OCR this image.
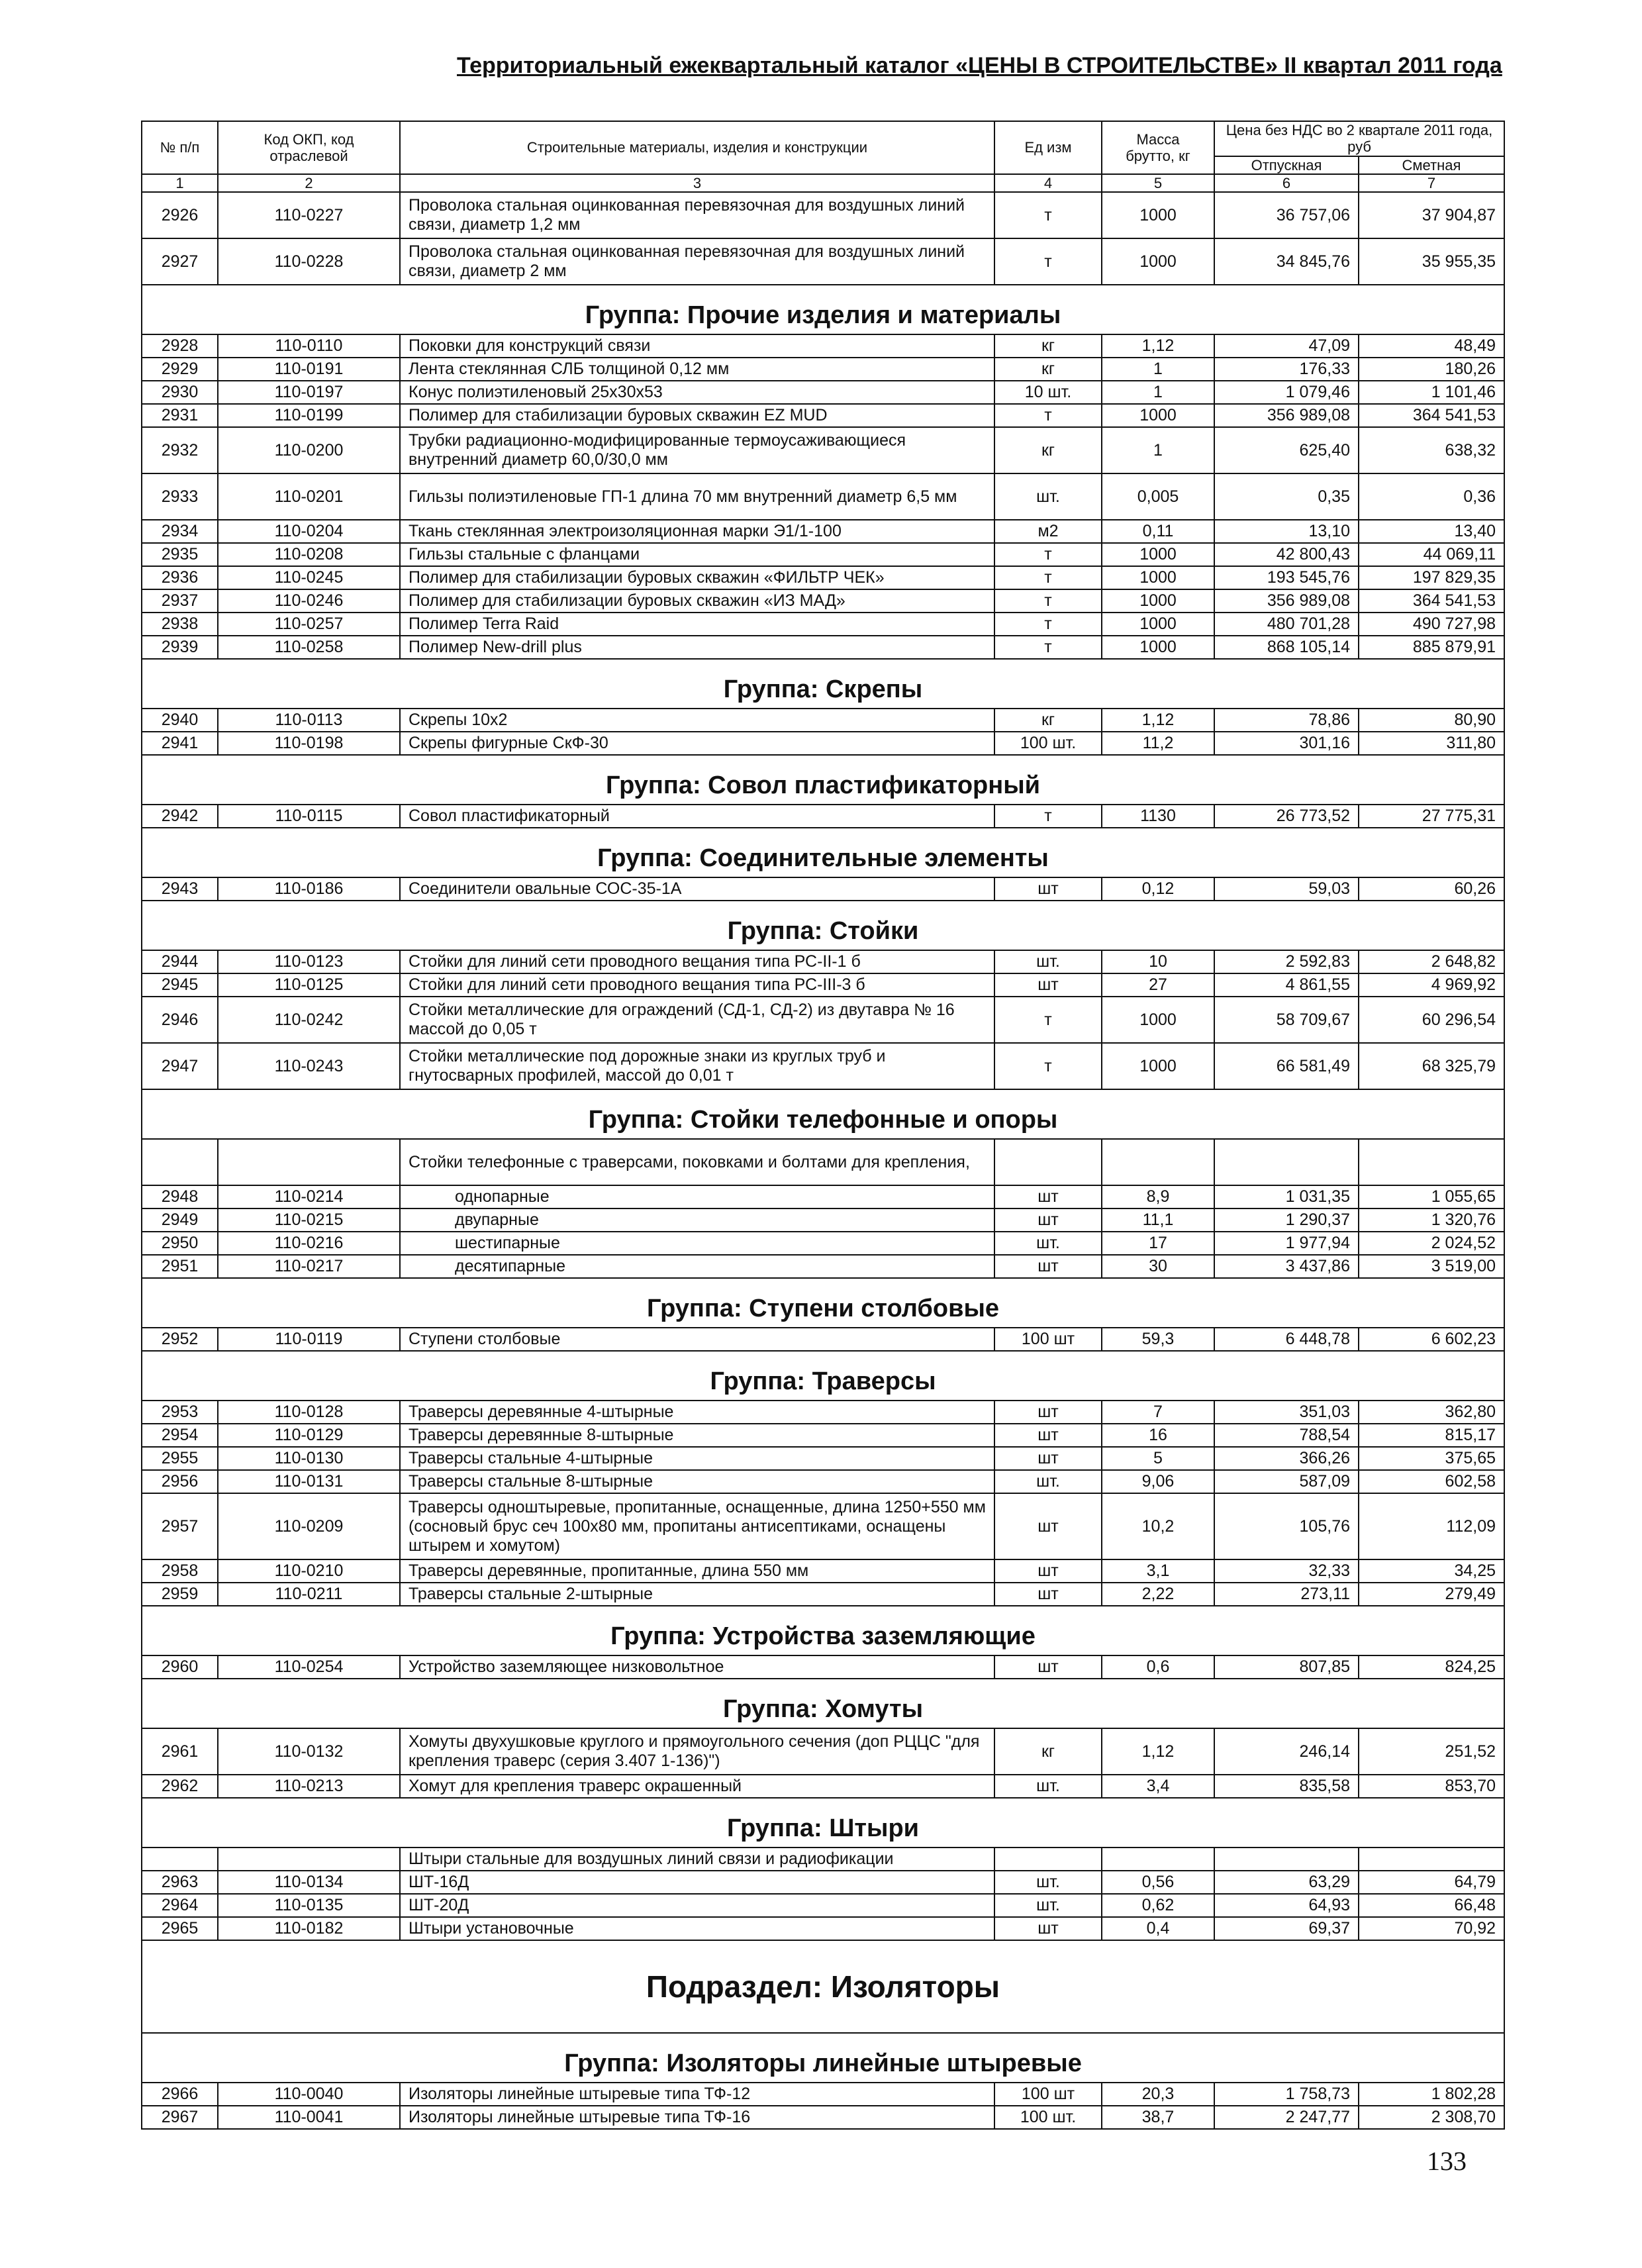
Территориальный ежеквартальный каталог «ЦЕНЫ В СТРОИТЕЛЬСТВЕ» II квартал 2011 года
№ п/п	Код ОКП, код отраслевой	Строительные материалы, изделия и конструкции	Ед изм	Масса брутто, кг	Цена без НДС во 2 квартале 2011 года, руб	
					Отпускная	Сметная
1	2	3	4	5	6	7
2926	110-0227	Проволока стальная оцинкованная перевязочная для воздушных линий связи, диаметр 1,2 мм	т	1000	36 757,06	37 904,87
2927	110-0228	Проволока стальная оцинкованная перевязочная для воздушных линий связи, диаметр 2 мм	т	1000	34 845,76	35 955,35
Группа: Прочие изделия и материалы						
2928	110-0110	Поковки для конструкций связи	кг	1,12	47,09	48,49
2929	110-0191	Лента стеклянная СЛБ толщиной 0,12 мм	кг	1	176,33	180,26
2930	110-0197	Конус полиэтиленовый 25х30х53	10 шт.	1	1 079,46	1 101,46
2931	110-0199	Полимер для стабилизации буровых скважин EZ MUD	т	1000	356 989,08	364 541,53
2932	110-0200	Трубки радиационно-модифицированные термоусаживающиеся внутренний диаметр 60,0/30,0 мм	кг	1	625,40	638,32
2933	110-0201	Гильзы полиэтиленовые ГП-1 длина 70 мм внутренний диаметр 6,5 мм	шт.	0,005	0,35	0,36
2934	110-0204	Ткань стеклянная электроизоляционная марки Э1/1-100	м2	0,11	13,10	13,40
2935	110-0208	Гильзы стальные с фланцами	т	1000	42 800,43	44 069,11
2936	110-0245	Полимер для стабилизации буровых скважин «ФИЛЬТР ЧЕК»	т	1000	193 545,76	197 829,35
2937	110-0246	Полимер для стабилизации буровых скважин «ИЗ МАД»	т	1000	356 989,08	364 541,53
2938	110-0257	Полимер Terra Raid	т	1000	480 701,28	490 727,98
2939	110-0258	Полимер New-drill plus	т	1000	868 105,14	885 879,91
Группа: Скрепы						
2940	110-0113	Скрепы 10х2	кг	1,12	78,86	80,90
2941	110-0198	Скрепы фигурные СкФ-30	100 шт.	11,2	301,16	311,80
Группа: Совол пластификаторный						
2942	110-0115	Совол пластификаторный	т	1130	26 773,52	27 775,31
Группа: Соединительные элементы						
2943	110-0186	Соединители овальные СОС-35-1А	шт	0,12	59,03	60,26
Группа: Стойки						
2944	110-0123	Стойки для линий сети проводного вещания типа РС-II-1 б	шт.	10	2 592,83	2 648,82
2945	110-0125	Стойки для линий сети проводного вещания типа РС-III-3 б	шт	27	4 861,55	4 969,92
2946	110-0242	Стойки металлические для ограждений (СД-1, СД-2) из двутавра № 16 массой до 0,05 т	т	1000	58 709,67	60 296,54
2947	110-0243	Стойки металлические под дорожные знаки из круглых труб и гнутосварных профилей, массой до 0,01 т	т	1000	66 581,49	68 325,79
Группа: Стойки телефонные и опоры						
		Стойки телефонные с траверсами, поковками и болтами для крепления,				
2948	110-0214	однопарные	шт	8,9	1 031,35	1 055,65
2949	110-0215	двупарные	шт	11,1	1 290,37	1 320,76
2950	110-0216	шестипарные	шт.	17	1 977,94	2 024,52
2951	110-0217	десятипарные	шт	30	3 437,86	3 519,00
Группа: Ступени столбовые						
2952	110-0119	Ступени столбовые	100 шт	59,3	6 448,78	6 602,23
Группа: Траверсы						
2953	110-0128	Траверсы деревянные 4-штырные	шт	7	351,03	362,80
2954	110-0129	Траверсы деревянные 8-штырные	шт	16	788,54	815,17
2955	110-0130	Траверсы стальные 4-штырные	шт	5	366,26	375,65
2956	110-0131	Траверсы стальные 8-штырные	шт.	9,06	587,09	602,58
2957	110-0209	Траверсы одноштыревые, пропитанные, оснащенные, длина 1250+550 мм (сосновый брус сеч 100х80 мм, пропитаны антисептиками, оснащены штырем и хомутом)	шт	10,2	105,76	112,09
2958	110-0210	Траверсы деревянные, пропитанные, длина 550 мм	шт	3,1	32,33	34,25
2959	110-0211	Траверсы стальные 2-штырные	шт	2,22	273,11	279,49
Группа: Устройства заземляющие						
2960	110-0254	Устройство заземляющее низковольтное	шт	0,6	807,85	824,25
Группа: Хомуты						
2961	110-0132	Хомуты двухушковые круглого и прямоугольного сечения (доп РЦЦС "для крепления траверс (серия 3.407 1-136)")	кг	1,12	246,14	251,52
2962	110-0213	Хомут для крепления траверс окрашенный	шт.	3,4	835,58	853,70
Группа: Штыри						
		Штыри стальные для воздушных линий связи и радиофикации				
2963	110-0134	ШТ-16Д	шт.	0,56	63,29	64,79
2964	110-0135	ШТ-20Д	шт.	0,62	64,93	66,48
2965	110-0182	Штыри установочные	шт	0,4	69,37	70,92
Подраздел: Изоляторы						
Группа: Изоляторы линейные штыревые						
2966	110-0040	Изоляторы линейные штыревые типа ТФ-12	100 шт	20,3	1 758,73	1 802,28
2967	110-0041	Изоляторы линейные штыревые типа ТФ-16	100 шт.	38,7	2 247,77	2 308,70
133
